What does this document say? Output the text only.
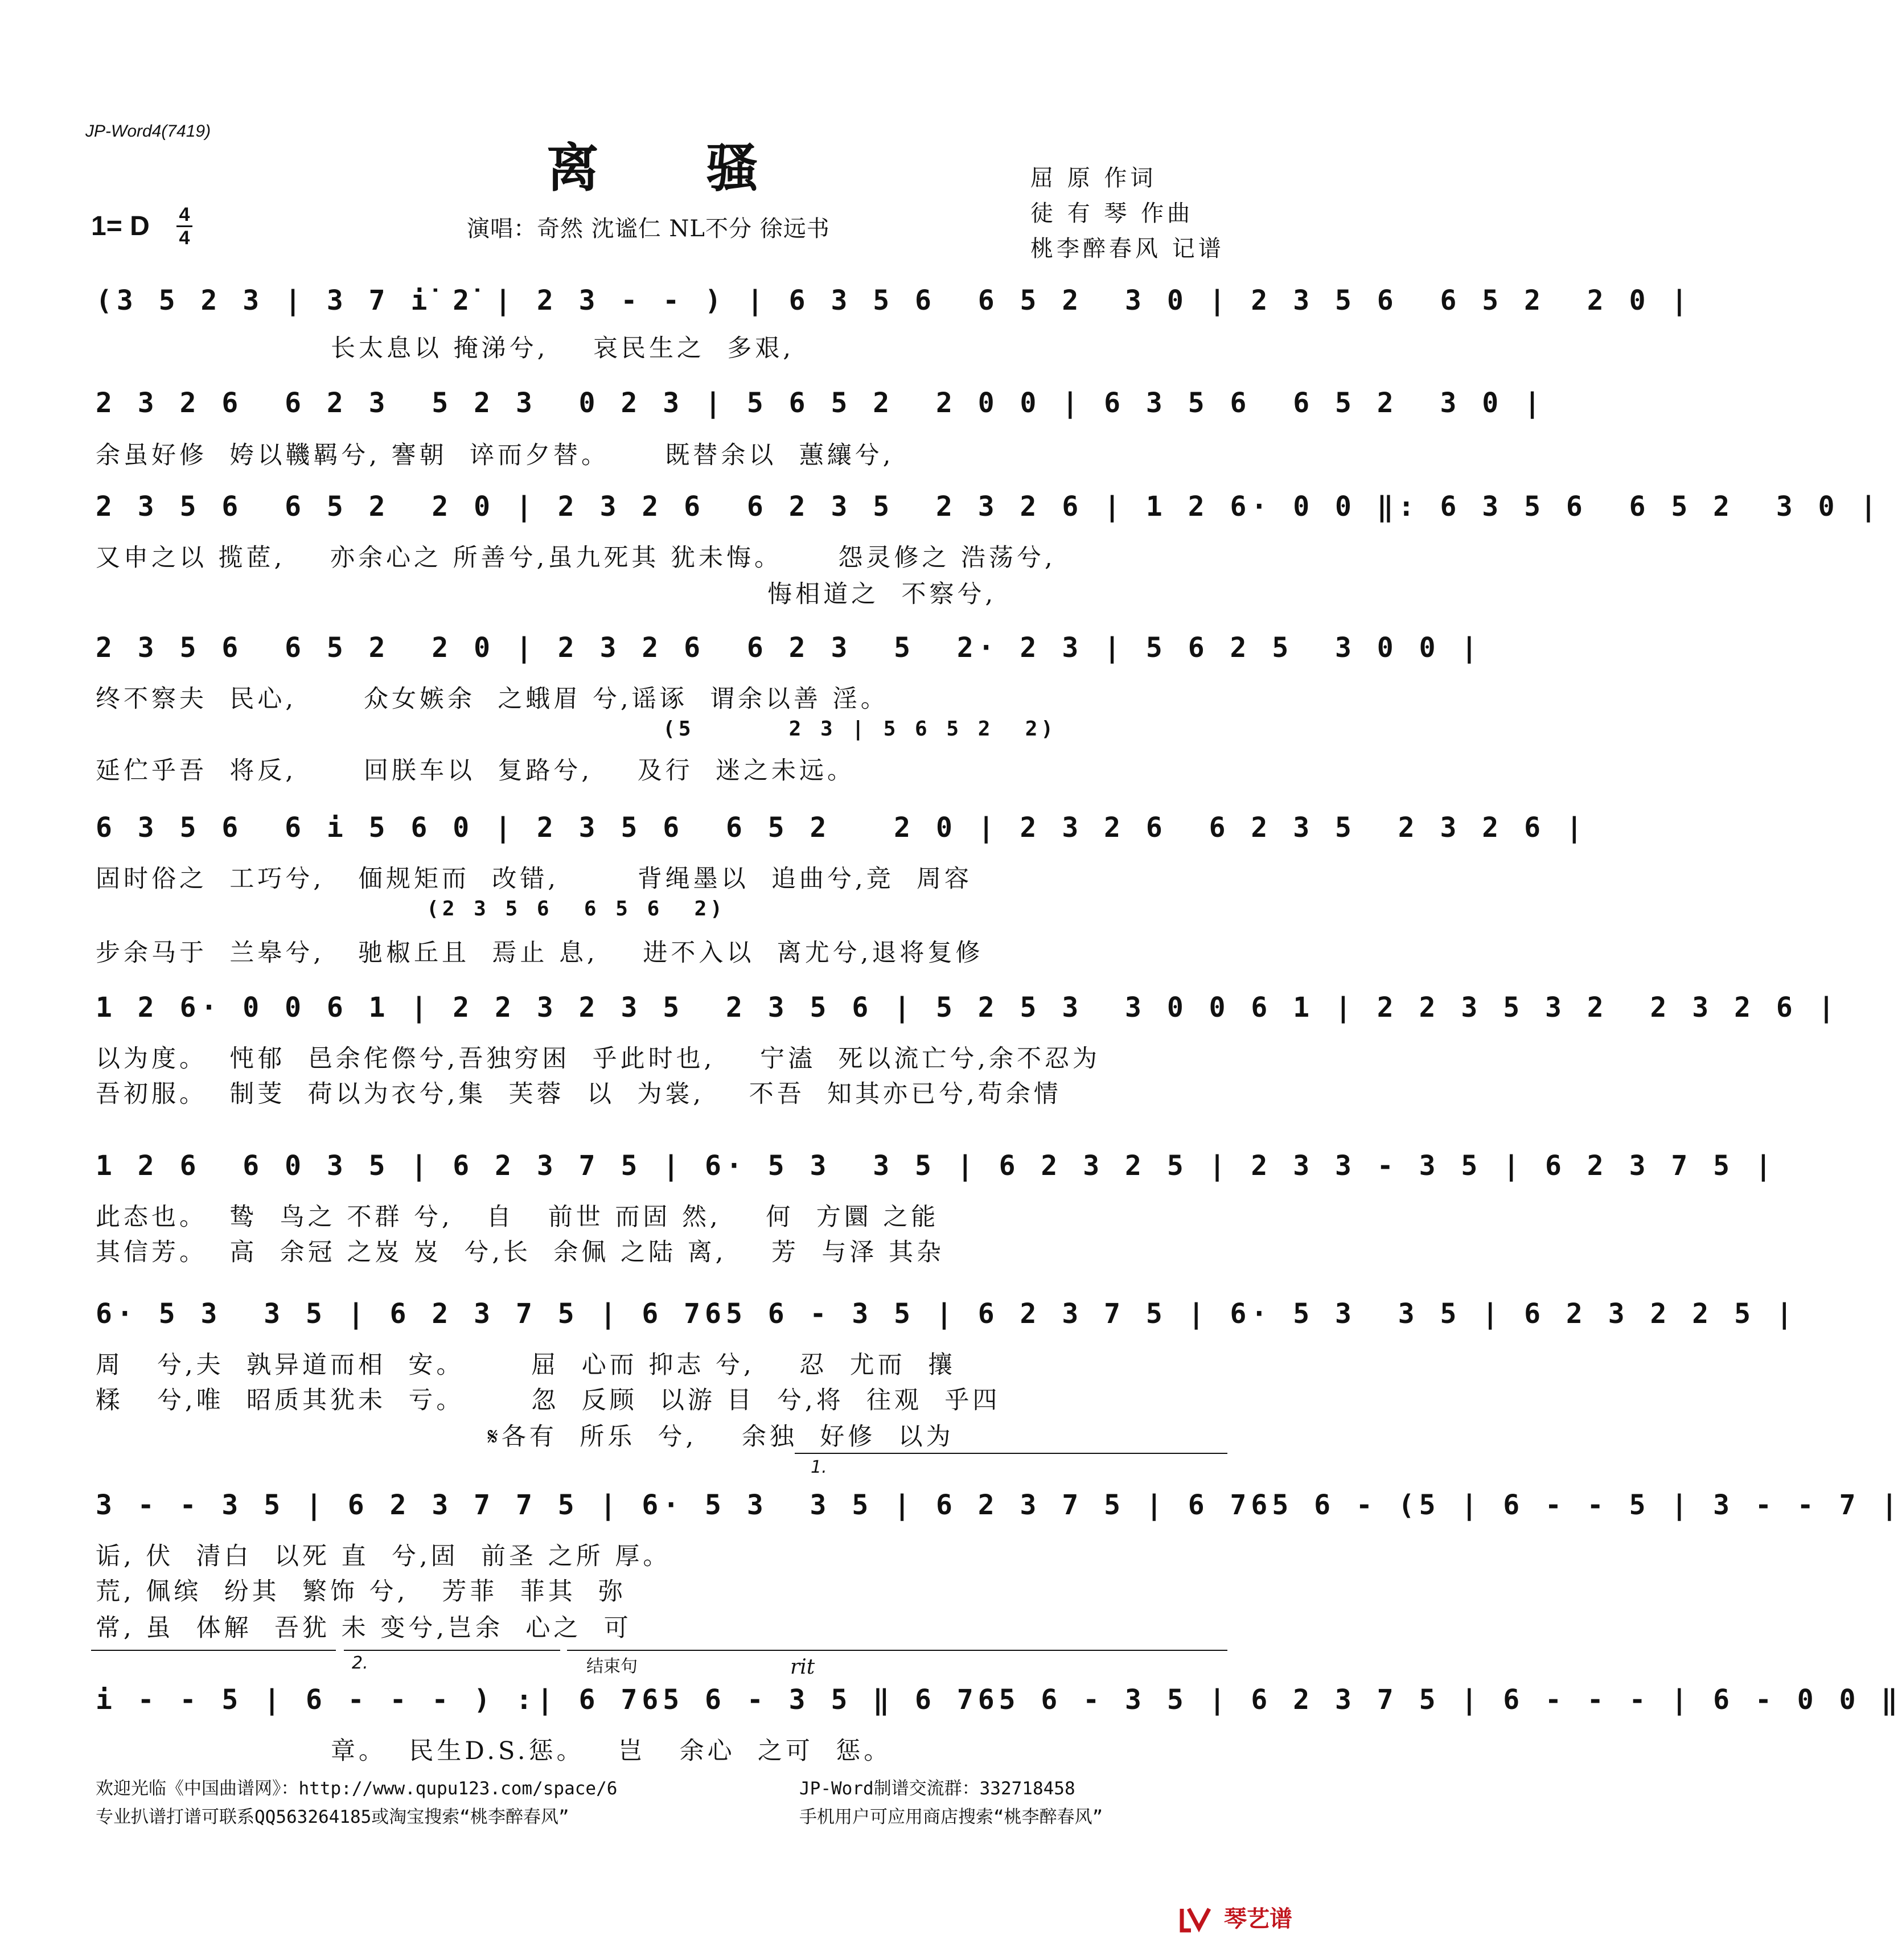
JP-Word4(7419)
离 骚	屈 原 作词
徒 有 琴 作曲
桃李醉春风 记谱
1= D 4
4	演唱：奇然 沈谧仁 NL不分 徐远书
(3 5 2 3 | 3 7 i̇ 2̇ | 2 3 - - ) | 6 3 5 6  6 5 2  3 0 | 2 3 5 6  6 5 2  2 0 |
长太息以 掩涕兮,    哀民生之  多艰,
2 3 2 6  6 2 3  5 2 3  0 2 3 | 5 6 5 2  2 0 0 | 6 3 5 6  6 5 2  3 0 |
余虽好修  姱以鞿羁兮, 謇朝  谇而夕替。     既替余以  蕙纕兮,
2 3 5 6  6 5 2  2 0 | 2 3 2 6  6 2 3 5  2 3 2 6 | 1 2 6· 0 0 ‖: 6 3 5 6  6 5 2  3 0 |
又申之以 揽茝,    亦余心之 所善兮,虽九死其 犹未悔。     怨灵修之 浩荡兮,
悔相道之  不察兮,
2 3 5 6  6 5 2  2 0 | 2 3 2 6  6 2 3  5  2· 2 3 | 5 6 2 5  3 0 0 |
终不察夫  民心,      众女嫉余  之蛾眉 兮,谣诼  谓余以善 淫。
(5      2 3 | 5 6 5 2  2)
延伫乎吾  将反,      回朕车以  复路兮,    及行  迷之未远。
6 3 5 6  6 i 5 6 0 | 2 3 5 6  6 5 2   2 0 | 2 3 2 6  6 2 3 5  2 3 2 6 |
固时俗之  工巧兮,   偭规矩而  改错,       背绳墨以  追曲兮,竞  周容
(2 3 5 6  6 5 6  2)
步余马于  兰皋兮,   驰椒丘且  焉止 息,    进不入以  离尤兮,退将复修
1 2 6· 0 0 6 1 | 2 2 3 2 3 5  2 3 5 6 | 5 2 5 3  3 0 0 6 1 | 2 2 3 5 3 2  2 3 2 6 |
以为度。  忳郁  邑余侘傺兮,吾独穷困  乎此时也,    宁溘  死以流亡兮,余不忍为
吾初服。  制芰  荷以为衣兮,集  芙蓉  以  为裳,    不吾  知其亦已兮,苟余情
1 2 6  6 0 3 5 | 6 2 3 7 5 | 6· 5 3  3 5 | 6 2 3 2 5 | 2 3 3 - 3 5 | 6 2 3 7 5 |
此态也。  鸷  鸟之 不群 兮,   自   前世 而固 然,    何  方圜 之能
其信芳。  高  余冠 之岌 岌  兮,长  余佩 之陆 离,    芳  与泽 其杂
6· 5 3  3 5 | 6 2 3 7 5 | 6 765 6 - 3 5 | 6 2 3 7 5 | 6· 5 3  3 5 | 6 2 3 2 2 5 |
周   兮,夫  孰异道而相  安。      屈  心而 抑志 兮,    忍  尤而  攘
糅   兮,唯  昭质其犹未  亏。      忽  反顾  以游 目  兮,将  往观  乎四
𝄋各有  所乐  兮,    余独  好修  以为
1.
3 - - 3 5 | 6 2 3 7 7 5 | 6· 5 3  3 5 | 6 2 3 7 5 | 6 765 6 - (5 | 6 - - 5 | 3 - - 7 |
诟, 伏  清白  以死 直  兮,固  前圣 之所 厚。
荒, 佩缤  纷其  繁饰 兮,   芳菲  菲其  弥
常, 虽  体解  吾犹 未 变兮,岂余  心之  可
2.	结束句	rit
i - - 5 | 6 - - - ) :| 6 765 6 - 3 5 ‖ 6 765 6 - 3 5 | 6 2 3 7 5 | 6 - - - | 6 - 0 0 ‖
章。  民生D.S.惩。   岂   余心  之可  惩。
欢迎光临《中国曲谱网》：http://www.qupu123.com/space/6	JP-Word制谱交流群：332718458
专业扒谱打谱可联系QQ563264185或淘宝搜索“桃李醉春风”	手机用户可应用商店搜索“桃李醉春风”
琴艺谱
